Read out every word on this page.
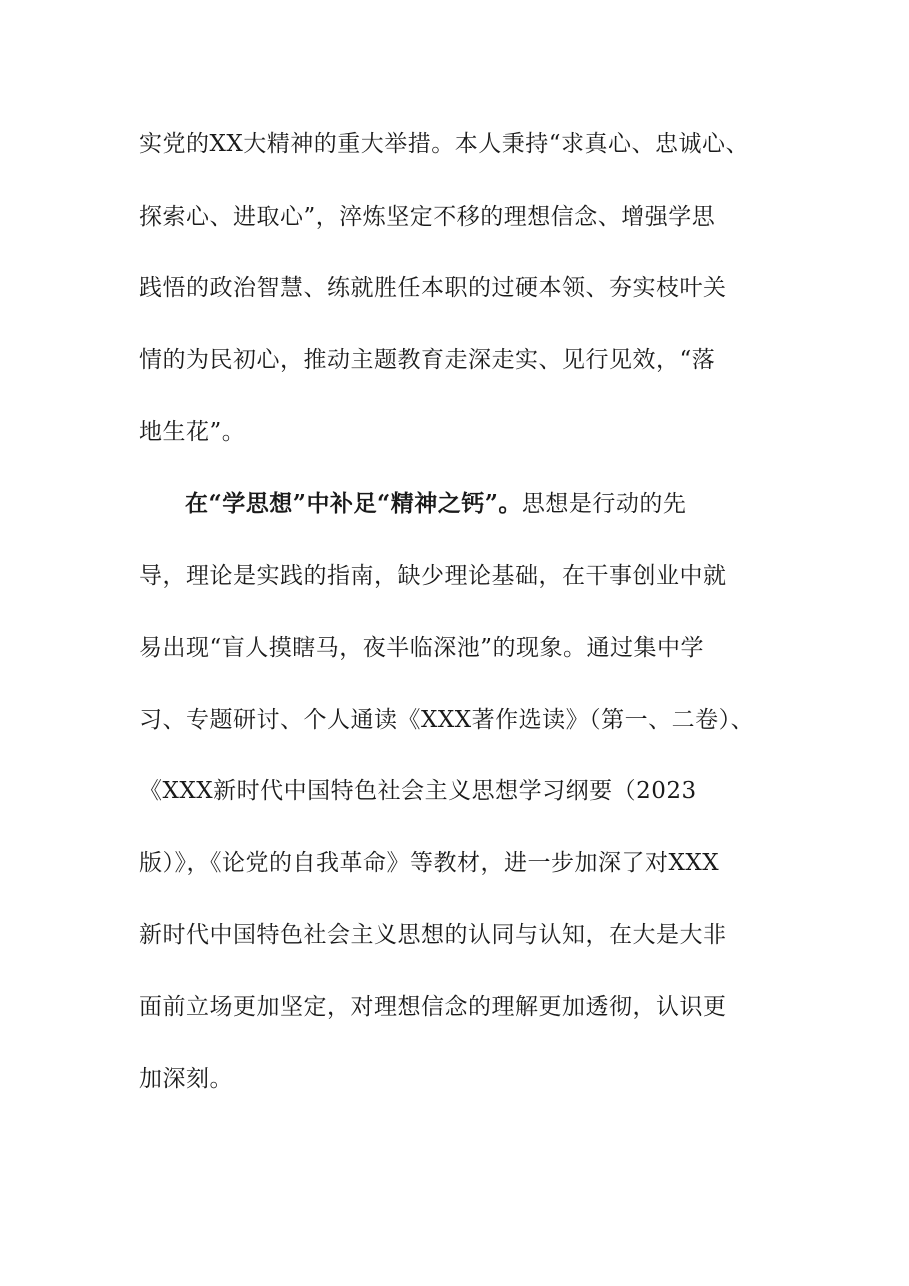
实党的XX大精神的重大举措。本人秉持“求真心、忠诚心、
探索心、进取心”，淬炼坚定不移的理想信念、增强学思
践悟的政治智慧、练就胜任本职的过硬本领、夯实枝叶关
情的为民初心，推动主题教育走深走实、见行见效，“落
地生花”。
在“学思想”中补足“精神之钙”。思想是行动的先
导，理论是实践的指南，缺少理论基础，在干事创业中就
易出现“盲人摸瞎马，夜半临深池”的现象。通过集中学
习、专题研讨、个人通读《XXX著作选读》（第一、二卷）、
《XXX新时代中国特色社会主义思想学习纲要（2023
版）》，《论党的自我革命》等教材，进一步加深了对XXX
新时代中国特色社会主义思想的认同与认知，在大是大非
面前立场更加坚定，对理想信念的理解更加透彻，认识更
加深刻。
